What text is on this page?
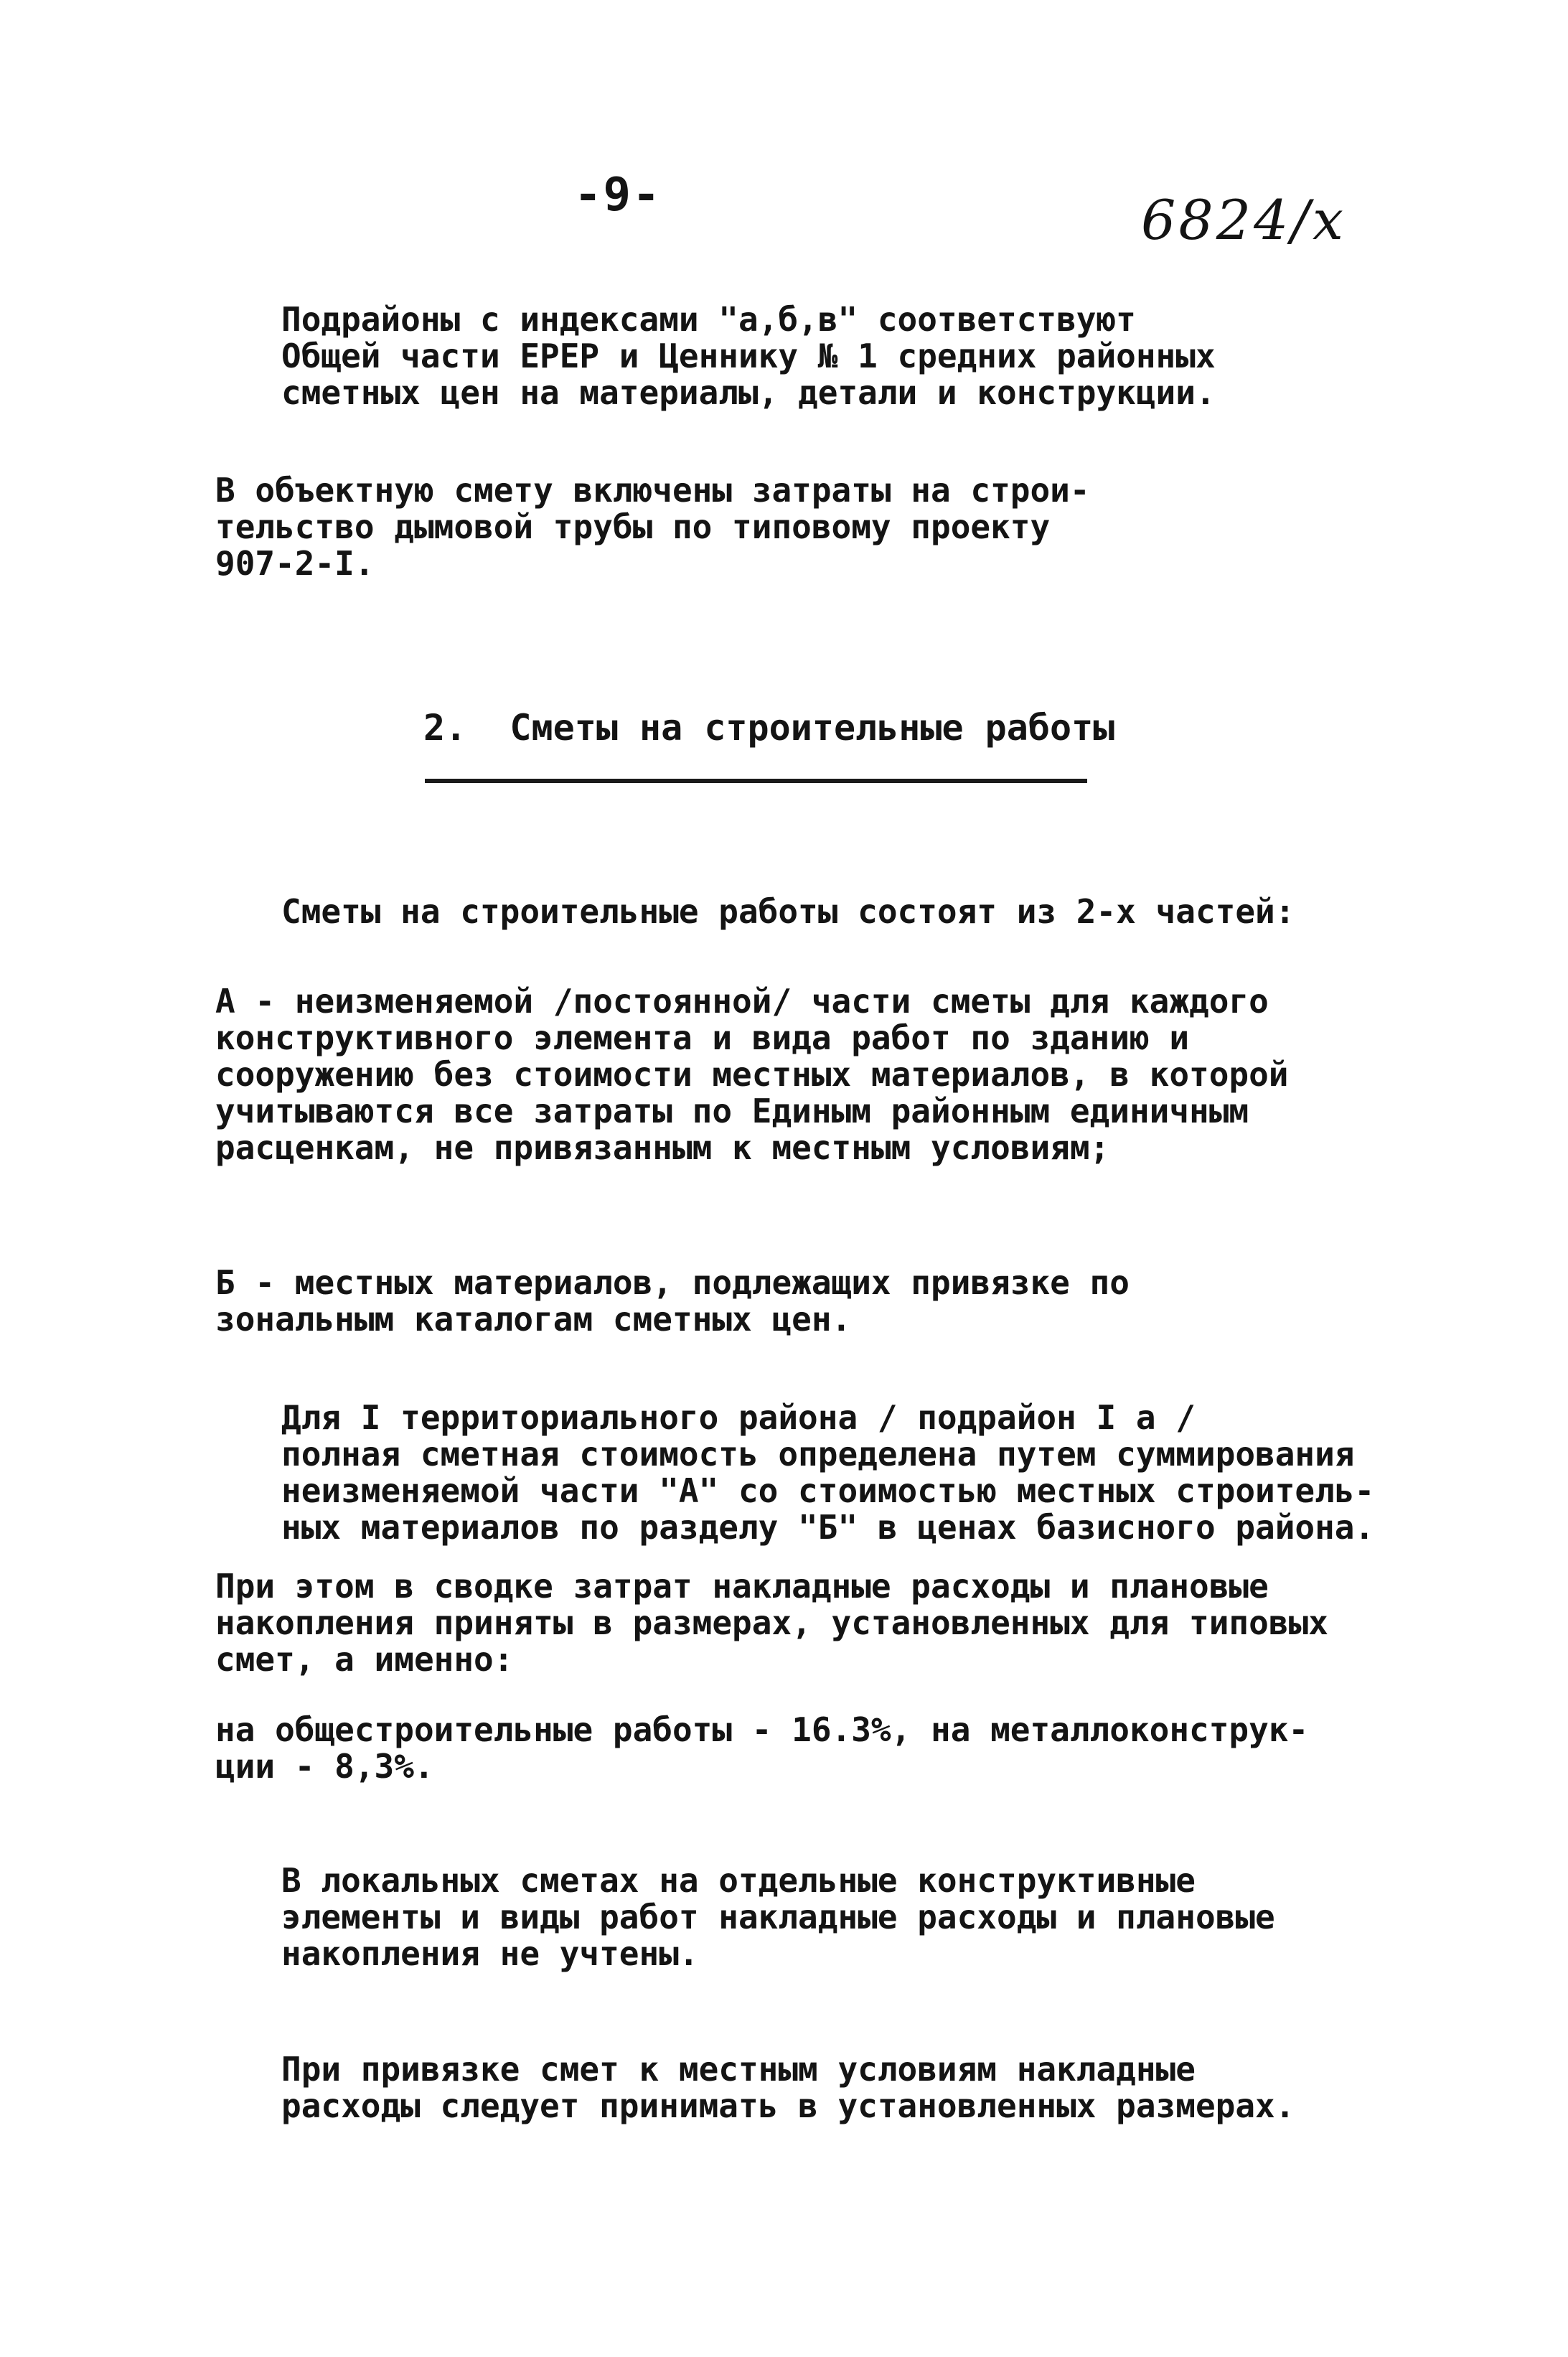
-9-	6824/x

Подрайоны с индексами "а,б,в" соответствуют
Общей части ЕРЕР и Ценнику № 1 средних районных
сметных цен на материалы, детали и конструкции.

В объектную смету включены затраты на строи-
тельство дымовой трубы по типовому проекту
907-2-I.

2.  Сметы на строительные работы

Сметы на строительные работы состоят из 2-х частей:

А - неизменяемой /постоянной/ части сметы для каждого
конструктивного элемента и вида работ по зданию и
сооружению без стоимости местных материалов, в которой
учитываются все затраты по Единым районным единичным
расценкам, не привязанным к местным условиям;

Б - местных материалов, подлежащих привязке по
зональным каталогам сметных цен.

Для I территориального района / подрайон I а /
полная сметная стоимость определена путем суммирования
неизменяемой части "А" со стоимостью местных строитель-
ных материалов по разделу "Б" в ценах базисного района.

При этом в сводке затрат накладные расходы и плановые
накопления приняты в размерах, установленных для типовых
смет, а именно:

на общестроительные работы - 16.3%, на металлоконструк-
ции - 8,3%.

В локальных сметах на отдельные конструктивные
элементы и виды работ накладные расходы и плановые
накопления не учтены.

При привязке смет к местным условиям накладные
расходы следует принимать в установленных размерах.
